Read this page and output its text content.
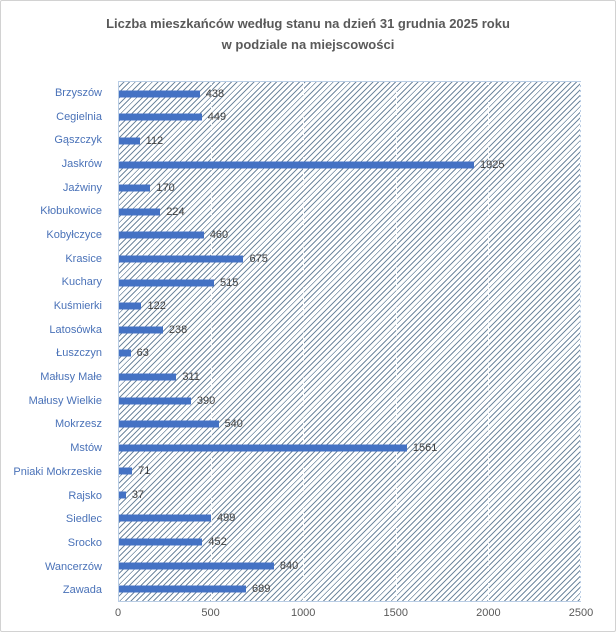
Liczba mieszkańców według stanu na dzień 31 grudnia 2025 roku
w podziale na miejscowości
Brzyszów
Cegielnia
Gąszczyk
Jaskrów
Jaźwiny
Kłobukowice
Kobyłczyce
Krasice
Kuchary
Kuśmierki
Latosówka
Łuszczyn
Małusy Małe
Małusy Wielkie
Mokrzesz
Mstów
Pniaki Mokrzeskie
Rajsko
Siedlec
Srocko
Wancerzów
Zawada
438
449
112
1925
170
224
460
675
515
122
238
63
311
390
540
1561
71
37
499
452
840
689
0	500	1000	1500	2000	2500
